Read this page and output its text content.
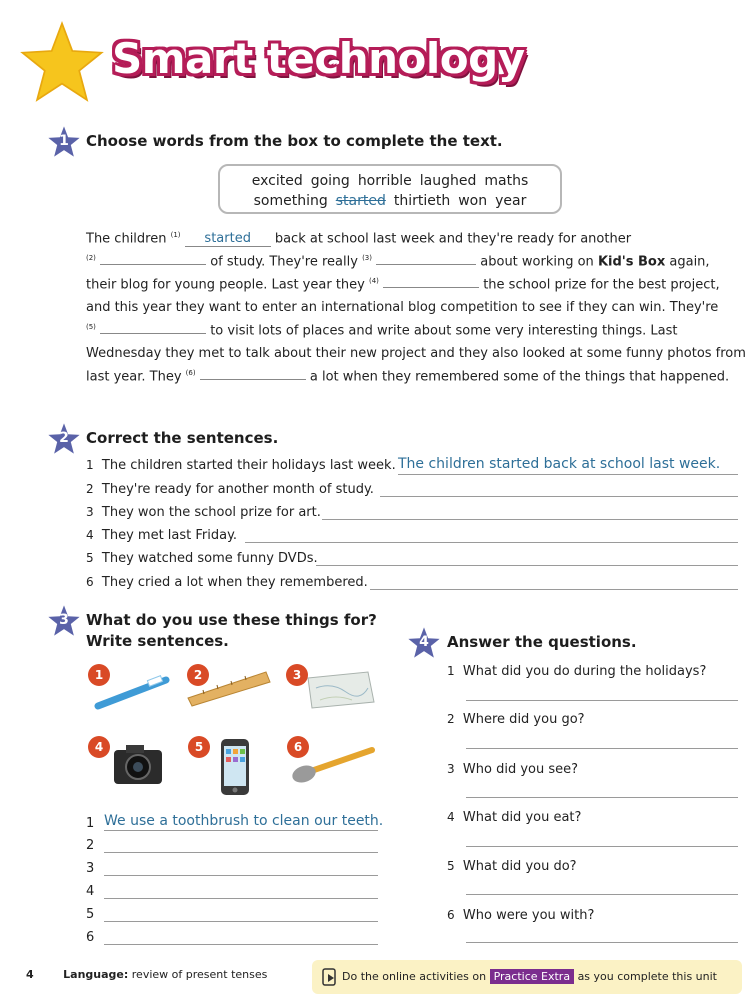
Smart technology
1	Choose words from the box to complete the text.
excited going horrible laughed maths
something started thirtieth won year
The children $^{(1)}$ started back at school last week and they're ready for another
$^{(2)}$	of study. They're really $^{(3)}$	about working on Kid's Box again,
their blog for young people. Last year they $^{(4)}$	the school prize for the best project,
and this year they want to enter an international blog competition to see if they can win. They're
$^{(5)}$	to visit lots of places and write about some very interesting things. Last
Wednesday they met to talk about their new project and they also looked at some funny photos from
last year. They $^{(6)}$	a lot when they remembered some of the things that happened.
2	Correct the sentences.
1 The children started their holidays last week. The children started back at school last week.
2 They're ready for another month of study.
3 They won the school prize for art.
4 They met last Friday.
5 They watched some funny DVDs.
6 They cried a lot when they remembered.
3	What do you use these things for?
Write sentences.
1	2	3
4	5	6
1 We use a toothbrush to clean our teeth.
2
3
4
5
6
4	Answer the questions.
1 What did you do during the holidays?
2 Where did you go?
3 Who did you see?
4 What did you eat?
5 What did you do?
6 Who were you with?
4	Language: review of present tenses	Do the online activities on Practice Extra as you complete this unit
